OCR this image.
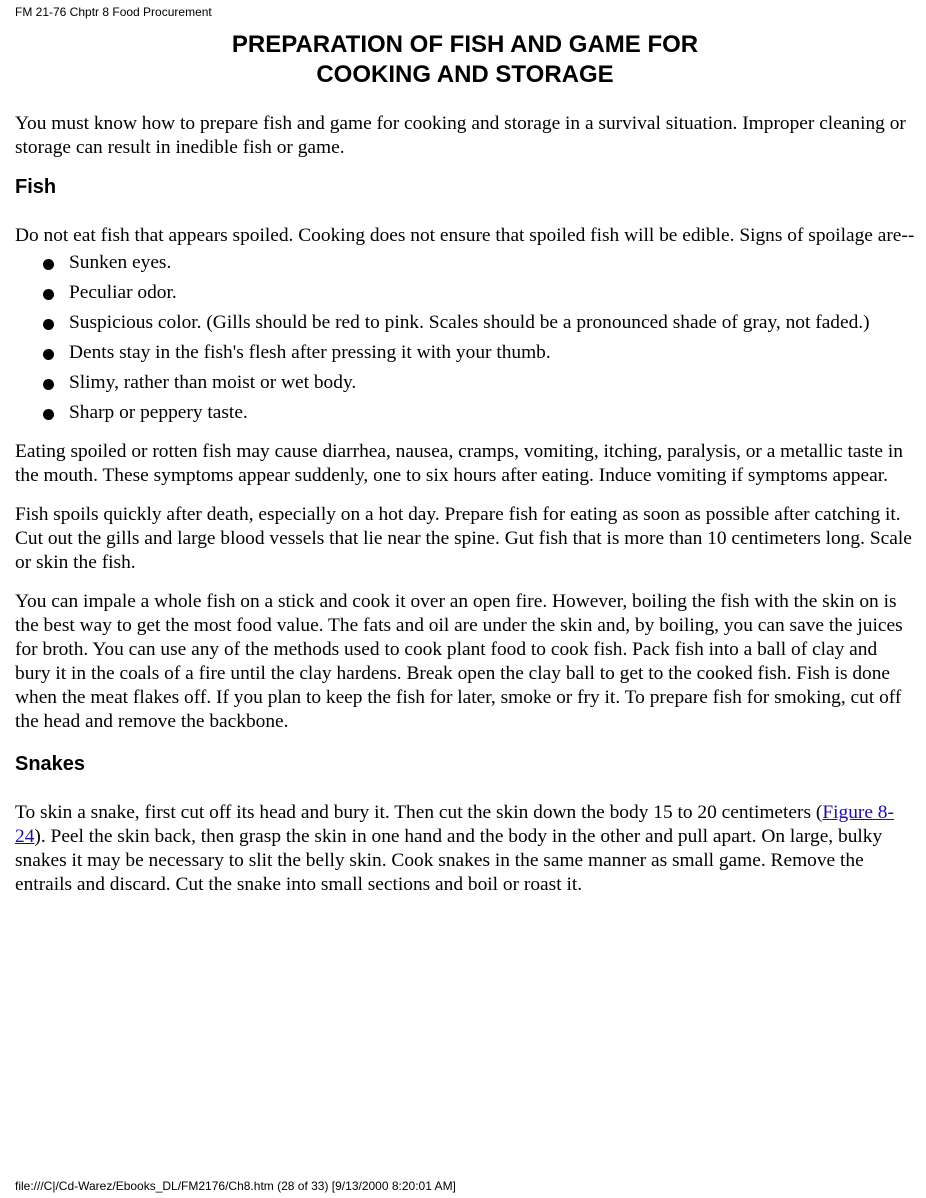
FM 21-76 Chptr 8 Food Procurement
PREPARATION OF FISH AND GAME FOR
COOKING AND STORAGE

You must know how to prepare fish and game for cooking and storage in a survival situation. Improper cleaning or storage can result in inedible fish or game.

Fish

Do not eat fish that appears spoiled. Cooking does not ensure that spoiled fish will be edible. Signs of spoilage are--

Sunken eyes.
Peculiar odor.
Suspicious color. (Gills should be red to pink. Scales should be a pronounced shade of gray, not faded.)
Dents stay in the fish's flesh after pressing it with your thumb.
Slimy, rather than moist or wet body.
Sharp or peppery taste.

Eating spoiled or rotten fish may cause diarrhea, nausea, cramps, vomiting, itching, paralysis, or a metallic taste in the mouth. These symptoms appear suddenly, one to six hours after eating. Induce vomiting if symptoms appear.

Fish spoils quickly after death, especially on a hot day. Prepare fish for eating as soon as possible after catching it. Cut out the gills and large blood vessels that lie near the spine. Gut fish that is more than 10 centimeters long. Scale or skin the fish.

You can impale a whole fish on a stick and cook it over an open fire. However, boiling the fish with the skin on is the best way to get the most food value. The fats and oil are under the skin and, by boiling, you can save the juices for broth. You can use any of the methods used to cook plant food to cook fish. Pack fish into a ball of clay and bury it in the coals of a fire until the clay hardens. Break open the clay ball to get to the cooked fish. Fish is done when the meat flakes off. If you plan to keep the fish for later, smoke or fry it. To prepare fish for smoking, cut off the head and remove the backbone.

Snakes

To skin a snake, first cut off its head and bury it. Then cut the skin down the body 15 to 20 centimeters (Figure 8-24). Peel the skin back, then grasp the skin in one hand and the body in the other and pull apart. On large, bulky snakes it may be necessary to slit the belly skin. Cook snakes in the same manner as small game. Remove the entrails and discard. Cut the snake into small sections and boil or roast it.

file:///C|/Cd-Warez/Ebooks_DL/FM2176/Ch8.htm (28 of 33) [9/13/2000 8:20:01 AM]
